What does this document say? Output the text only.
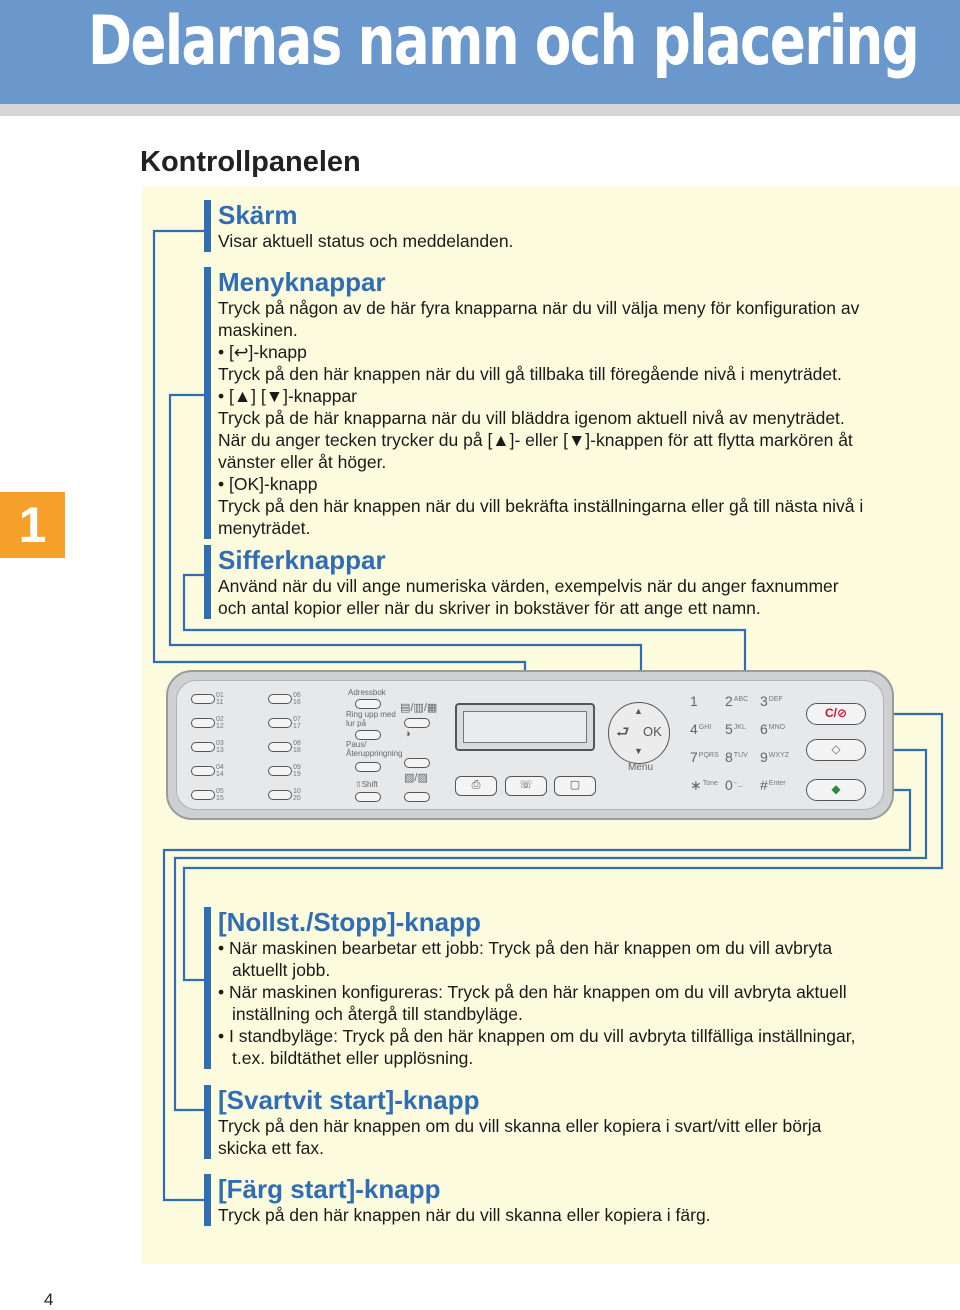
Delarnas namn och placering
Kontrollpanelen
1
4
Skärm

Visar aktuell status och meddelanden.

Menyknappar

Tryck på någon av de här fyra knapparna när du vill välja meny för konfiguration av

maskinen.

• [↩]-knapp

Tryck på den här knappen när du vill gå tillbaka till föregående nivå i menyträdet.

• [▲] [▼]-knappar

Tryck på de här knapparna när du vill bläddra igenom aktuell nivå av menyträdet.

När du anger tecken trycker du på [▲]- eller [▼]-knappen för att flytta markören åt

vänster eller åt höger.

• [OK]-knapp

Tryck på den här knappen när du vill bekräfta inställningarna eller gå till nästa nivå i

menyträdet.

Sifferknappar

Använd när du vill ange numeriska värden, exempelvis när du anger faxnummer

och antal kopior eller när du skriver in bokstäver för att ange ett namn.

01
11
02
12
03
13
04
14
05
15
06
16
07
17
08
18
09
19
10
20
Adressbok
Ring upp med
lur på
Paus/
Återuppringning
⇧Shift
▤/▥/▦
◑
▧/▨
⎙	☏	▢
▲
▼
⮐ OK
Menu
1 $2^{ABC}$ $3^{DEF}$
$4^{GHI}$ $5^{JKL}$ $6^{MNO}$
$7^{PQRS}$ $8^{TUV}$ $9^{WXYZ}$
∗$^{Tone}$ 0-·_ #$^{Enter}$
C/⊘
◇
◆
[Nollst./Stopp]-knapp

• När maskinen bearbetar ett jobb: Tryck på den här knappen om du vill avbryta

aktuellt jobb.

• När maskinen konfigureras: Tryck på den här knappen om du vill avbryta aktuell

inställning och återgå till standbyläge.

• I standbyläge: Tryck på den här knappen om du vill avbryta tillfälliga inställningar,

t.ex. bildtäthet eller upplösning.

[Svartvit start]-knapp

Tryck på den här knappen om du vill skanna eller kopiera i svart/vitt eller börja

skicka ett fax.

[Färg start]-knapp

Tryck på den här knappen när du vill skanna eller kopiera i färg.
